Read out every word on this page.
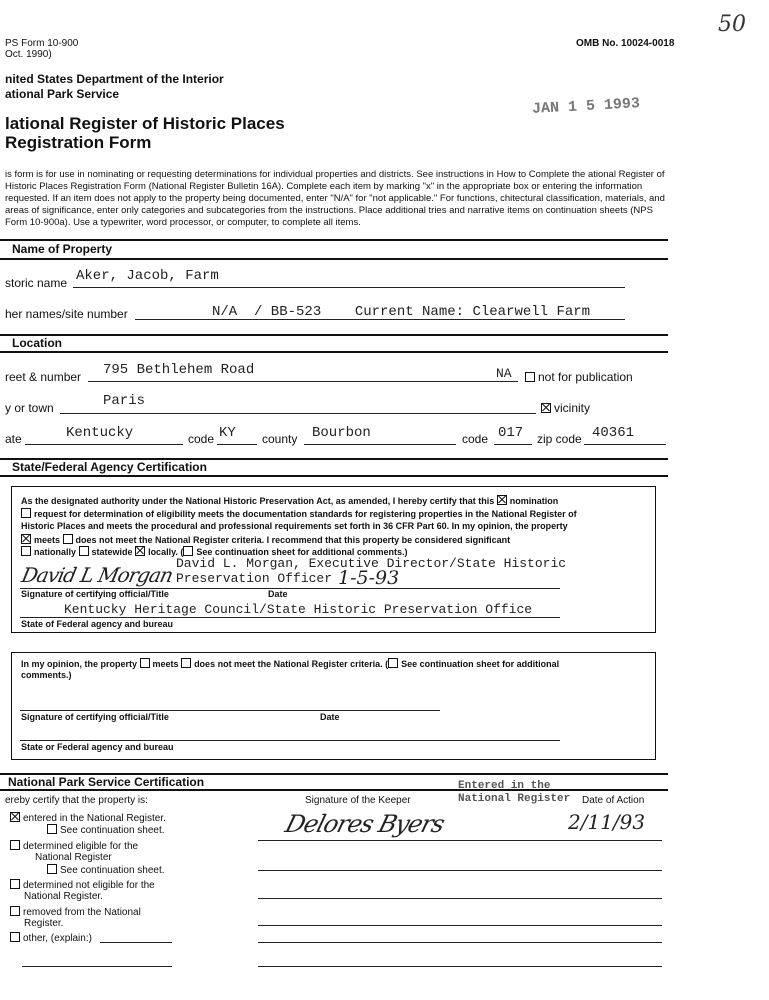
PS Form 10-900
Oct. 1990)
OMB No. 10024-0018
50
JAN 1 5 1993
nited States Department of the Interior
ational Park Service
lational Register of Historic Places
Registration Form
is form is for use in nominating or requesting determinations for individual properties and districts. See instructions in How to Complete the ational Register of Historic Places Registration Form (National Register Bulletin 16A). Complete each item by marking "x" in the appropriate box or entering the information requested. If an item does not apply to the property being documented, enter "N/A" for "not applicable." For functions, chitectural classification, materials, and areas of significance, enter only categories and subcategories from the instructions. Place additional tries and narrative items on continuation sheets (NPS Form 10-900a). Use a typewriter, word processor, or computer, to complete all items.
Name of Property
storic name Aker, Jacob, Farm
her names/site number	N/A  / BB-523    Current Name: Clearwell Farm
Location
reet & number 795 Bethlehem Road	NA	not for publication
y or town	Paris	vicinity
ate	Kentucky	code KY county Bourbon	code 017 zip code 40361
State/Federal Agency Certification
As the designated authority under the National Historic Preservation Act, as amended, I hereby certify that this nomination
request for determination of eligibility meets the documentation standards for registering properties in the National Register of
Historic Places and meets the procedural and professional requirements set forth in 36 CFR Part 60. In my opinion, the property
meets does not meet the National Register criteria. I recommend that this property be considered significant
nationally statewide locally. ( See continuation sheet for additional comments.)
David L. Morgan, Executive Director/State Historic
Preservation Officer
David L Morgan	1-5-93
Signature of certifying official/Title	Date
Kentucky Heritage Council/State Historic Preservation Office
State of Federal agency and bureau
In my opinion, the property meets does not meet the National Register criteria. ( See continuation sheet for additional
comments.)
Signature of certifying official/Title	Date
State or Federal agency and bureau
National Park Service Certification
ereby certify that the property is:	Signature of the Keeper	Date of Action
Entered in the
National Register
Delores Byers	2/11/93
entered in the National Register.
See continuation sheet.
determined eligible for the
National Register
See continuation sheet.
determined not eligible for the
National Register.
removed from the National
Register.
other, (explain:)
